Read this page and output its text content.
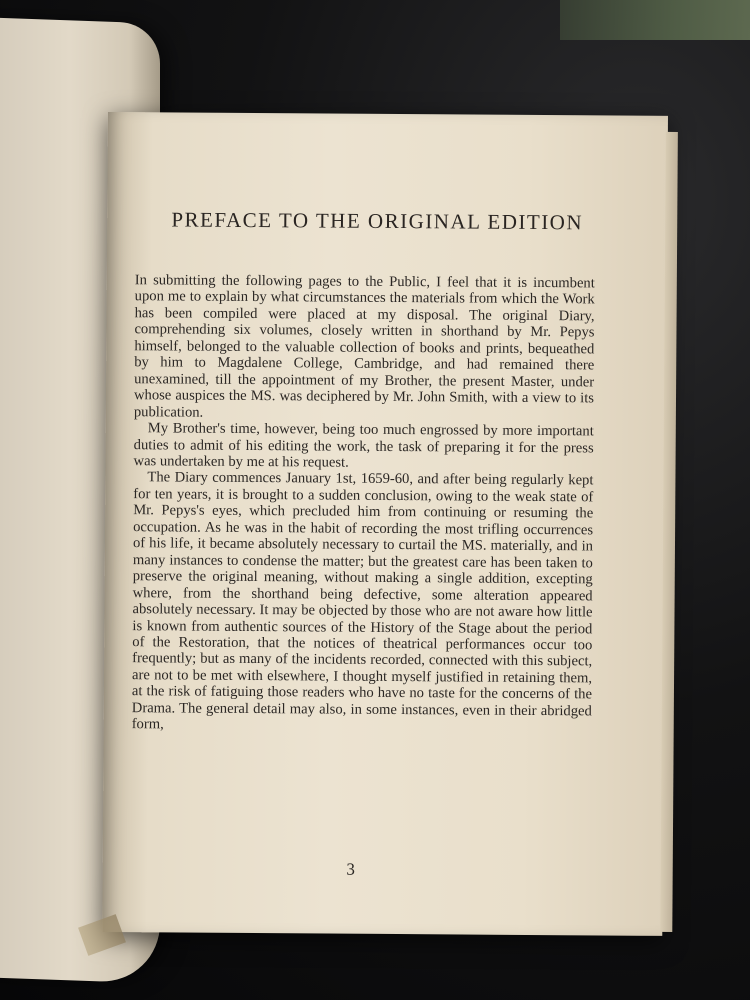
PREFACE TO THE ORIGINAL EDITION

In submitting the following pages to the Public, I feel that it is incumbent upon me to explain by what circumstances the materials from which the Work has been compiled were placed at my disposal. The original Diary, comprehending six volumes, closely written in shorthand by Mr. Pepys himself, belonged to the valuable collection of books and prints, bequeathed by him to Magdalene College, Cambridge, and had remained there unexamined, till the appointment of my Brother, the present Master, under whose auspices the MS. was deciphered by Mr. John Smith, with a view to its publication.

My Brother's time, however, being too much engrossed by more important duties to admit of his editing the work, the task of preparing it for the press was undertaken by me at his request.

The Diary commences January 1st, 1659-60, and after being regularly kept for ten years, it is brought to a sudden conclusion, owing to the weak state of Mr. Pepys's eyes, which precluded him from continuing or resuming the occupation. As he was in the habit of recording the most trifling occurrences of his life, it became absolutely necessary to curtail the MS. materially, and in many instances to condense the matter; but the greatest care has been taken to preserve the original meaning, without making a single addition, excepting where, from the shorthand being defective, some alteration appeared absolutely necessary. It may be objected by those who are not aware how little is known from authentic sources of the History of the Stage about the period of the Restoration, that the notices of theatrical performances occur too frequently; but as many of the incidents recorded, connected with this subject, are not to be met with elsewhere, I thought myself justified in retaining them, at the risk of fatiguing those readers who have no taste for the concerns of the Drama. The general detail may also, in some instances, even in their abridged form,

3
